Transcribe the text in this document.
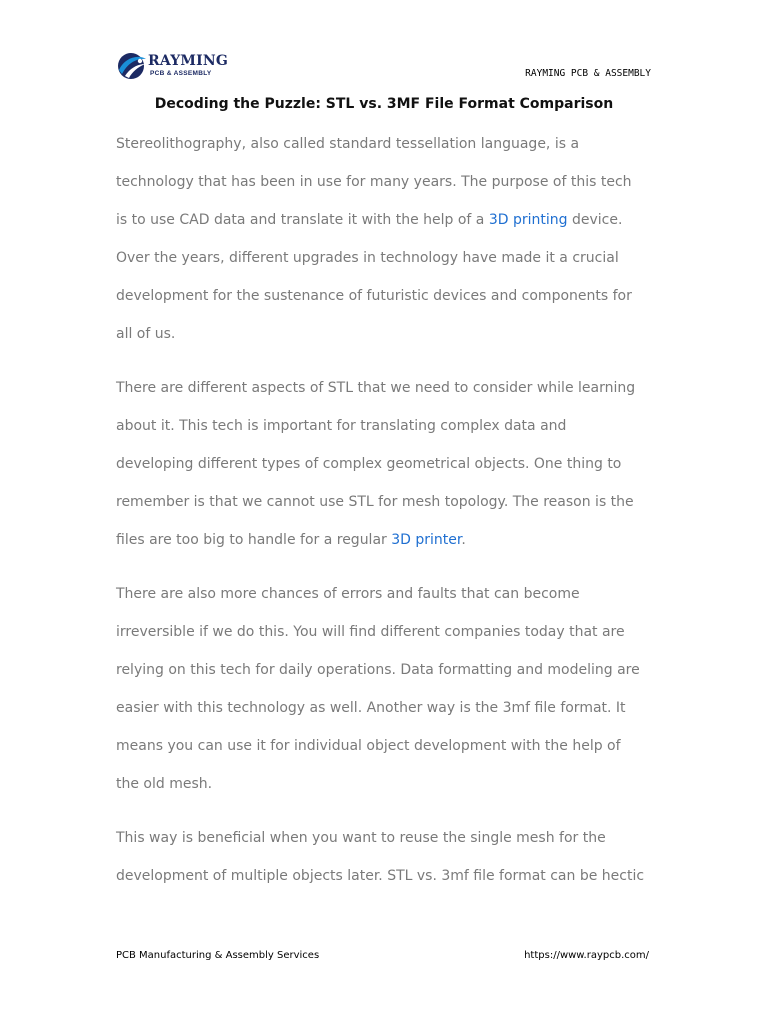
RAYMING
PCB & ASSEMBLY	RAYMING PCB & ASSEMBLY
Decoding the Puzzle: STL vs. 3MF File Format Comparison
Stereolithography, also called standard tessellation language, is a
technology that has been in use for many years. The purpose of this tech
is to use CAD data and translate it with the help of a 3D printing device.
Over the years, different upgrades in technology have made it a crucial
development for the sustenance of futuristic devices and components for
all of us.
There are different aspects of STL that we need to consider while learning
about it. This tech is important for translating complex data and
developing different types of complex geometrical objects. One thing to
remember is that we cannot use STL for mesh topology. The reason is the
files are too big to handle for a regular 3D printer.
There are also more chances of errors and faults that can become
irreversible if we do this. You will find different companies today that are
relying on this tech for daily operations. Data formatting and modeling are
easier with this technology as well. Another way is the 3mf file format. It
means you can use it for individual object development with the help of
the old mesh.
This way is beneficial when you want to reuse the single mesh for the
development of multiple objects later. STL vs. 3mf file format can be hectic
PCB Manufacturing & Assembly Services	https://www.raypcb.com/
